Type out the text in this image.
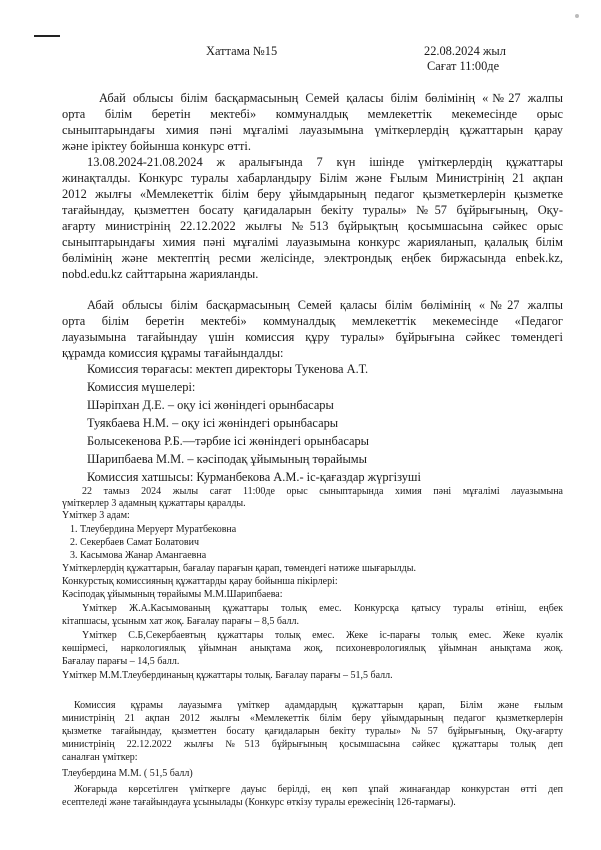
Хаттама №15	22.08.2024 жыл
Сағат 11:00де
Абай облысы білім басқармасының Семей қаласы білім бөлімінің «№27 жалпы
орта білім беретін мектебі» коммуналдық мемлекеттік мекемесінде орыс
сыныптарындағы химия пәні мұғалімі лауазымына үміткерлердің құжаттарын қарау
және іріктеу бойынша конкурс өтті.
13.08.2024-21.08.2024 ж аралығында 7 күн ішінде үміткерлердің құжаттары
жинақталды. Конкурс туралы хабарландыру Білім және Ғылым Министрінің 21 ақпан
2012 жылғы «Мемлекеттік білім беру ұйымдарының педагог қызметкерлерін қызметке
тағайындау, қызметтен босату қағидаларын бекіту туралы» №57 бұйрығының, Оқу-
ағарту министрінің 22.12.2022 жылғы №513 бұйрықтың қосымшасына сәйкес орыс
сыныптарындағы химия пәні мұғалімі лауазымына конкурс жарияланып, қалалық білім
бөлімінің және мектептің ресми желісінде, электрондық еңбек биржасында enbek.kz,
nobd.edu.kz сайттарына жарияланды.
Абай облысы білім басқармасының Семей қаласы білім бөлімінің «№27 жалпы
орта білім беретін мектебі» коммуналдық мемлекеттік мекемесінде «Педагог
лауазымына тағайындау үшін комиссия құру туралы» бұйрығына сәйкес төмендегі
құрамда комиссия құрамы тағайындалды:
Комиссия төрағасы: мектеп директоры Тукенова А.Т.
Комиссия мүшелері:
Шәріпхан Д.Е. – оқу ісі жөніндегі орынбасары
Туякбаева Н.М. – оқу ісі жөніндегі орынбасары
Болысекенова Р.Б.—тәрбие ісі жөніндегі орынбасары
Шарипбаева М.М. – кәсіподақ ұйымының төрайымы
Комиссия хатшысы: Курманбекова А.М.- іс-қағаздар жүргізуші
22 тамыз 2024 жылы сағат 11:00де орыс сыныптарында химия пәні мұғалімі лауазымына
үміткерлер 3 адамның құжаттары қаралды.
Үміткер 3 адам:
1. Тлеубердина Меруерт Муратбековна
2. Секербаев Самат Болатович
3. Касымова Жанар Амангаевна
Үміткерлердің құжаттарын, бағалау парағын қарап, төмендегі нәтиже шығарылды.
Конкурстық комиссияның құжаттарды қарау бойынша пікірлері:
Кәсіподақ ұйымының төрайымы М.М.Шарипбаева:
Үміткер Ж.А.Касымованың құжаттары толық емес. Конкурсқа қатысу туралы өтініш, еңбек
кітапшасы, ұсыным хат жоқ. Бағалау парағы – 8,5 балл.
Үміткер С.Б,Секербаевтың құжаттары толық емес. Жеке іс-парағы толық емес. Жеке куәлік
көшірмесі, наркологиялық ұйымнан анықтама жоқ, психоневрологиялық ұйымнан анықтама жоқ.
Бағалау парағы – 14,5 балл.
Үміткер М.М.Тлеубердинаның құжаттары толық. Бағалау парағы – 51,5 балл.
Комиссия құрамы лауазымға үміткер адамдардың құжаттарын қарап, Білім және ғылым
министрінің 21 ақпан 2012 жылғы «Мемлекеттік білім беру ұйымдарының педагог қызметкерлерін
қызметке тағайындау, қызметтен босату қағидаларын бекіту туралы» №57 бұйрығының, Оқу-ағарту
министрінің 22.12.2022 жылғы №513 бұйрығының қосымшасына сәйкес құжаттары толық деп
саналған үміткер:
Тлеубердина М.М. ( 51,5 балл)
Жоғарыда көрсетілген үміткерге дауыс берілді, ең көп ұпай жинағандар конкурстан өтті деп
есептеледі және тағайындауға ұсынылады (Конкурс өткізу туралы ережесінің 126-тармағы).
